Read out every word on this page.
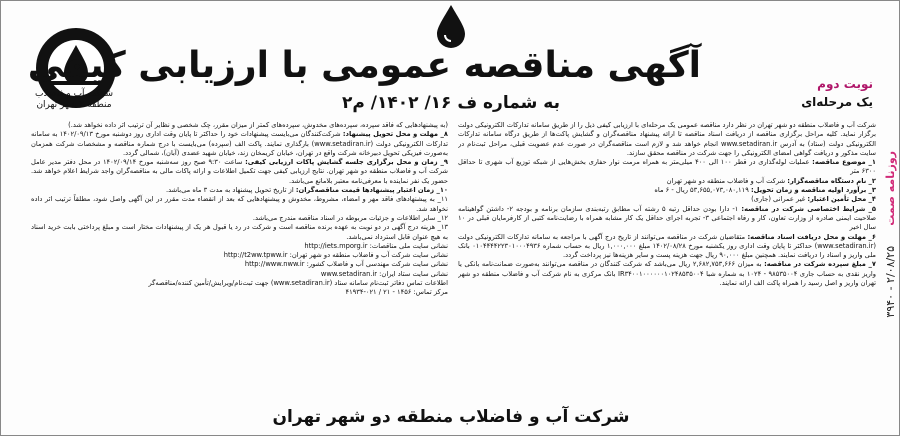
روزنامه صمت
۳۹۴۰ - ۲/۰۸/۲۵
شرکت آب و فاضلاب
منطقه ۲ شهر تهران
آگهی مناقصه عمومی با ارزیابی کیفی
به شماره ف ۱۶/ ۱۴۰۲/ م۲
نوبت دوم
یک مرحله‌ای

شرکت آب و فاضلاب منطقه دو شهر تهران در نظر دارد مناقصه عمومی یک مرحله‌ای با ارزیابی کیفی ذیل را از طریق سامانه تدارکات الکترونیکی دولت برگزار نماید. کلیه مراحل برگزاری مناقصه از دریافت اسناد مناقصه تا ارائه پیشنهاد مناقصه‌گران و گشایش پاکت‌ها از طریق درگاه سامانه تدارکات الکترونیکی دولت (ستاد) به آدرس www.setadiran.ir انجام خواهد شد و لازم است مناقصه‌گران در صورت عدم عضویت قبلی، مراحل ثبت‌نام در سایت مذکور و دریافت گواهی امضای الکترونیکی را جهت شرکت در مناقصه محقق سازند.

۱_ موضوع مناقصه: عملیات لوله‌گذاری در قطر ۱۰۰ الی ۴۰۰ میلی‌متر به همراه مرمت نوار حفاری بخش‌هایی از شبکه توزیع آب شهری تا حداقل ۶۳۰۰ متر

۲_ نام دستگاه مناقصه‌گزار: شرکت آب و فاضلاب منطقه دو شهر تهران

۳_ برآورد اولیه مناقصه و زمان تحویل: ۵۳,۶۵۵,۰۷۳,۰۸۰,۱۱۹ ریال - ۶ ماه

۴_ محل تأمین اعتبار: غیر عمرانی (جاری)

۵_ شرایط اختصاصی شرکت در مناقصه: ۱- دارا بودن حداقل رتبه ۵ رشته آب مطابق رتبه‌بندی سازمان برنامه و بودجه ۲- داشتن گواهینامه صلاحیت ایمنی صادره از وزارت تعاون، کار و رفاه اجتماعی ۳- تجربه اجرای حداقل یک کار مشابه همراه با رضایت‌نامه کتبی از کارفرمایان قبلی در ۱۰ سال اخیر

۶_ مهلت و محل دریافت اسناد مناقصه: متقاضیان شرکت در مناقصه می‌توانند از تاریخ درج آگهی با مراجعه به سامانه تدارکات الکترونیکی دولت (www.setadiran.ir) حداکثر تا پایان وقت اداری روز یکشنبه مورخ ۱۴۰۲/۰۸/۲۸ مبلغ ۱,۰۰۰,۰۰۰ ریال به حساب شماره ۰۱۰۴۴۴۴۲۲۳۰۱۰۰۰۴۹۳۶ بانک ملی واریز و اسناد را دریافت نمایند. همچنین مبلغ ۹۰,۰۰۰ ریال جهت هزینه پست و سایر هزینه‌ها نیز پرداخت گردد.

۷_ مبلغ سپرده شرکت در مناقصه: به میزان ۲,۶۸۲,۷۵۳,۶۶۶ ریال می‌باشد که شرکت کنندگان در مناقصه می‌توانند به‌صورت ضمانت‌نامه بانکی یا واریز نقدی به حساب جاری ۹۸۵۳۵۰۰۴ - ۱۰۲۴ به شماره شبا IR۳۴۰۰۱۰۰۰۰۰۰۱۰۲۴۸۵۳۵۰۰۴ بانک مرکزی به نام شرکت آب و فاضلاب منطقه دو شهر تهران واریز و اصل رسید را همراه پاکت الف ارائه نمایند.

(به پیشنهادهایی که فاقد سپرده، سپرده‌های مخدوش، سپرده‌های کمتر از میزان مقرر، چک شخصی و نظایر آن ترتیب اثر داده نخواهد شد.)

۸_ مهلت و محل تحویل پیشنهاد: شرکت‌کنندگان می‌بایست پیشنهادات خود را حداکثر تا پایان وقت اداری روز دوشنبه مورخ ۱۴۰۲/۰۹/۱۳ به سامانه تدارکات الکترونیکی دولت (www.setadiran.ir) بارگذاری نمایند. پاکت الف (سپرده) می‌بایست با درج شماره مناقصه و مشخصات شرکت همزمان به‌صورت فیزیکی تحویل دبیرخانه شرکت واقع در تهران، خیابان کریمخان زند، خیابان شهید عضدی (آبان)، شمالی گردد.

۹_ زمان و محل برگزاری جلسه گشایش پاکات ارزیابی کیفی: ساعت ۹:۳۰ صبح روز سه‌شنبه مورخ ۱۴۰۲/۰۹/۱۴ در محل دفتر مدیر عامل شرکت آب و فاضلاب منطقه دو شهر تهران. نتایج ارزیابی کیفی جهت تکمیل اطلاعات و ارائه پاکات مالی به مناقصه‌گران واجد شرایط اعلام خواهد شد. حضور یک نفر نماینده با معرفی‌نامه معتبر بلامانع می‌باشد.

۱۰_ زمان اعتبار پیشنهادها قیمت مناقصه‌گران: از تاریخ تحویل پیشنهاد به مدت ۳ ماه می‌باشد.

۱۱_ به پیشنهادهای فاقد مهر و امضاء، مشروط، مخدوش و پیشنهادهایی که بعد از انقضاء مدت مقرر در این آگهی واصل شود، مطلقاً ترتیب اثر داده نخواهد شد.

۱۲_ سایر اطلاعات و جزئیات مربوطه در اسناد مناقصه مندرج می‌باشد.

۱۳_ هزینه درج آگهی در دو نوبت به عهده برنده مناقصه است و شرکت در رد یا قبول هر یک از پیشنهادات مختار است و مبلغ پرداختی بابت خرید اسناد به هیچ عنوان قابل استرداد نمی‌باشد.

نشانی سایت ملی مناقصات: http://iets.mporg.ir

نشانی سایت شرکت آب و فاضلاب منطقه دو شهر تهران: http://t2ww.tpww.ir

نشانی سایت شرکت مهندسی آب و فاضلاب کشور: http://www.nww.ir

نشانی سایت ستاد ایران: www.setadiran.ir

اطلاعات تماس دفاتر ثبت‌نام سامانه ستاد (www.setadiran.ir) جهت ثبت‌نام/ویرایش/تأمین کننده/مناقصه‌گر

مرکز تماس: ۱۴۵۶ - ۲۱ / ۰۲۱-۴۱۹۳۴

شرکت آب و فاضلاب منطقه دو شهر تهران
